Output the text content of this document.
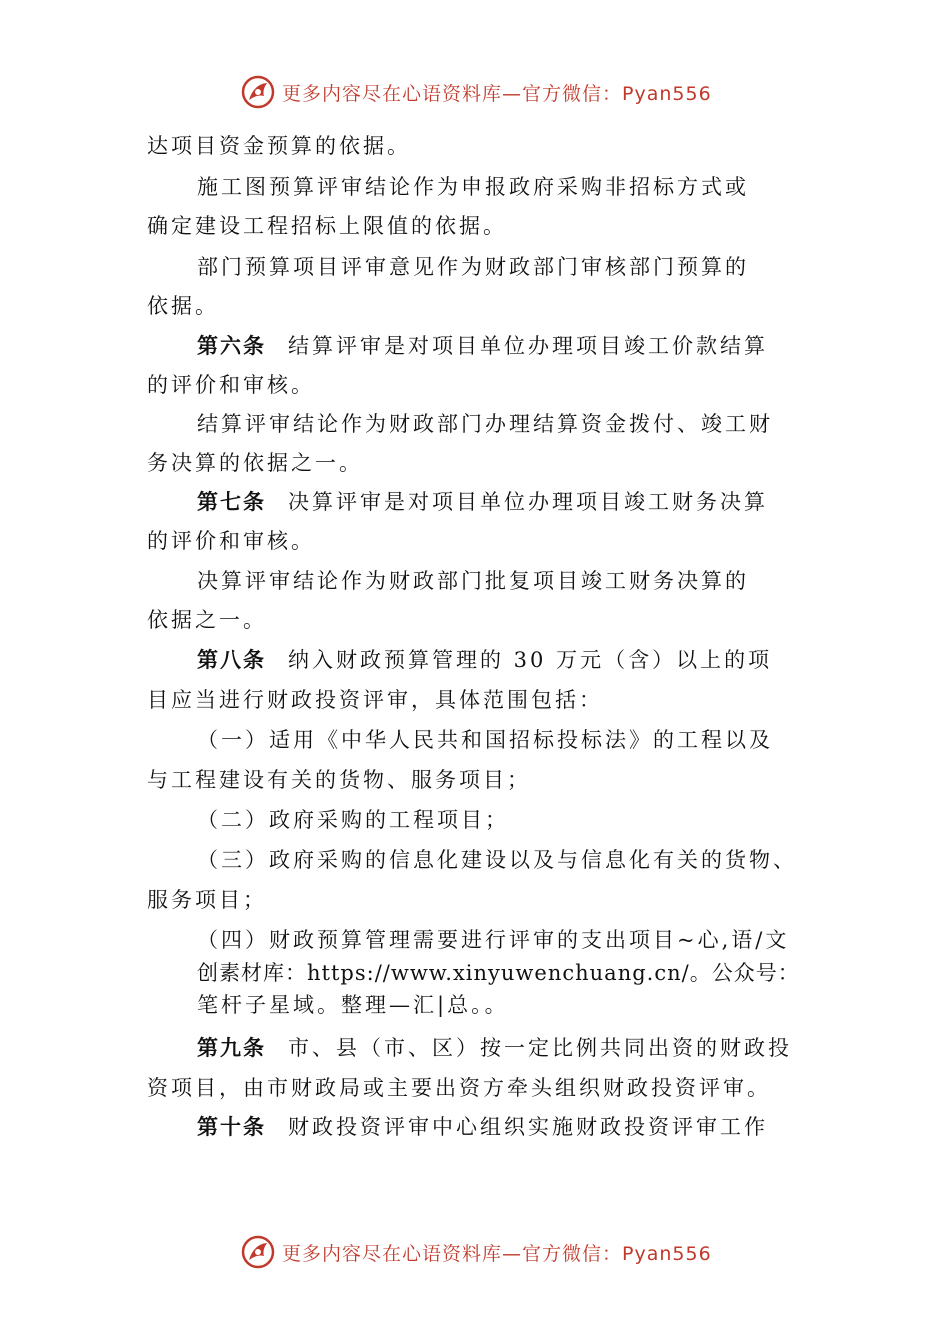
更多内容尽在心语资料库—官方微信：Pyan556
达项目资金预算的依据。
施工图预算评审结论作为申报政府采购非招标方式或
确定建设工程招标上限值的依据。
部门预算项目评审意见作为财政部门审核部门预算的
依据。
第六条 结算评审是对项目单位办理项目竣工价款结算
的评价和审核。
结算评审结论作为财政部门办理结算资金拨付、竣工财
务决算的依据之一。
第七条 决算评审是对项目单位办理项目竣工财务决算
的评价和审核。
决算评审结论作为财政部门批复项目竣工财务决算的
依据之一。
第八条 纳入财政预算管理的 30 万元（含）以上的项
目应当进行财政投资评审，具体范围包括：
（一）适用《中华人民共和国招标投标法》的工程以及
与工程建设有关的货物、服务项目；
（二）政府采购的工程项目；
（三）政府采购的信息化建设以及与信息化有关的货物、
服务项目；
（四）财政预算管理需要进行评审的支出项目~心,语/文
创素材库：https://www.xinyuwenchuang.cn/。公众号：
笔杆子星域。整理—汇|总。。
第九条 市、县（市、区）按一定比例共同出资的财政投
资项目，由市财政局或主要出资方牵头组织财政投资评审。
第十条 财政投资评审中心组织实施财政投资评审工作
更多内容尽在心语资料库—官方微信：Pyan556
